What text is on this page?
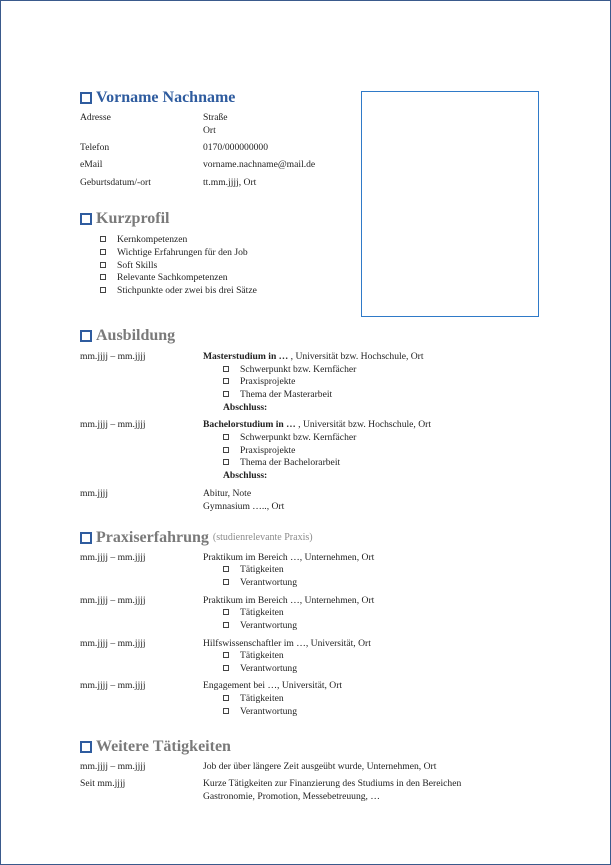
Vorname Nachname
Adresse	Straße
Ort
Telefon	0170/000000000
eMail	vorname.nachname@mail.de
Geburtsdatum/-ort	tt.mm.jjjj, Ort
Kurzprofil
Kernkompetenzen
Wichtige Erfahrungen für den Job
Soft Skills
Relevante Sachkompetenzen
Stichpunkte oder zwei bis drei Sätze
Ausbildung
mm.jjjj – mm.jjjj	Masterstudium in … , Universität bzw. Hochschule, Ort
Schwerpunkt bzw. Kernfächer
Praxisprojekte
Thema der Masterarbeit
Abschluss:
mm.jjjj – mm.jjjj	Bachelorstudium in … , Universität bzw. Hochschule, Ort
Schwerpunkt bzw. Kernfächer
Praxisprojekte
Thema der Bachelorarbeit
Abschluss:
mm.jjjj	Abitur, Note
Gymnasium ….., Ort
Praxiserfahrung (studienrelevante Praxis)
mm.jjjj – mm.jjjj	Praktikum im Bereich …, Unternehmen, Ort
Tätigkeiten
Verantwortung
mm.jjjj – mm.jjjj	Praktikum im Bereich …, Unternehmen, Ort
Tätigkeiten
Verantwortung
mm.jjjj – mm.jjjj	Hilfswissenschaftler im …, Universität, Ort
Tätigkeiten
Verantwortung
mm.jjjj – mm.jjjj	Engagement bei …, Universität, Ort
Tätigkeiten
Verantwortung
Weitere Tätigkeiten
mm.jjjj – mm.jjjj	Job der über längere Zeit ausgeübt wurde, Unternehmen, Ort
Seit mm.jjjj	Kurze Tätigkeiten zur Finanzierung des Studiums in den Bereichen
Gastronomie, Promotion, Messebetreuung, …
